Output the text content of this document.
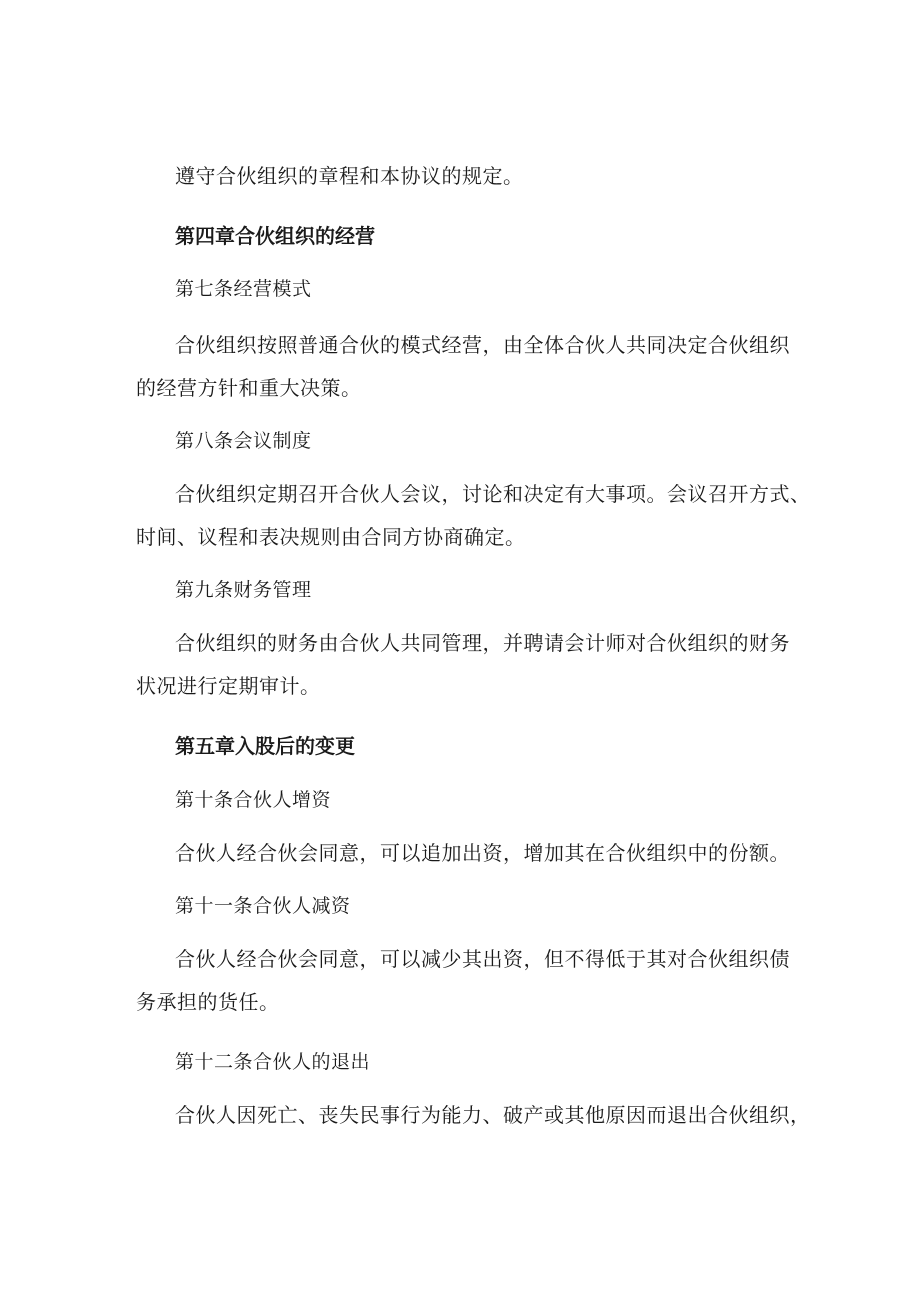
遵守合伙组织的章程和本协议的规定。
第四章合伙组织的经营
第七条经营模式
合伙组织按照普通合伙的模式经营，由全体合伙人共同决定合伙组织
的经营方针和重大决策。
第八条会议制度
合伙组织定期召开合伙人会议，讨论和决定有大事项。会议召开方式、
时间、议程和表决规则由合同方协商确定。
第九条财务管理
合伙组织的财务由合伙人共同管理，并聘请会计师对合伙组织的财务
状况进行定期审计。
第五章入股后的变更
第十条合伙人增资
合伙人经合伙会同意，可以追加出资，增加其在合伙组织中的份额。
第十一条合伙人减资
合伙人经合伙会同意，可以减少其出资，但不得低于其对合伙组织债
务承担的货任。
第十二条合伙人的退出
合伙人因死亡、丧失民事行为能力、破产或其他原因而退出合伙组织，
